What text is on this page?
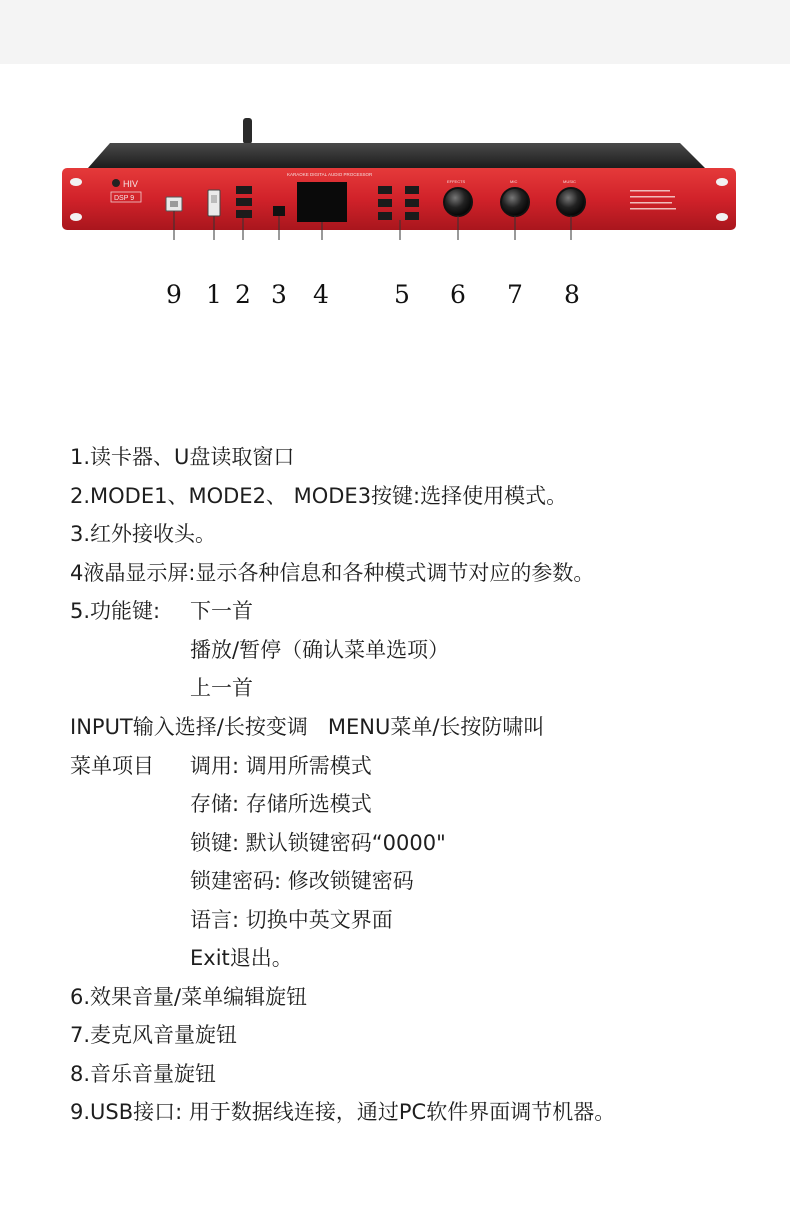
HIV
DSP 9
KARAOKE DIGITAL AUDIO PROCESSOR
EFFECTS	MIC	MUSIC
9 1 2 3 4	5 6 7 8
1.读卡器、U盘读取窗口
2.MODE1、MODE2、 MODE3按键:选择使用模式。
3.红外接收头。
4液晶显示屏:显示各种信息和各种模式调节对应的参数。
5.功能键: 下一首
播放/暂停（确认菜单选项）
上一首
INPUT输入选择/长按变调   MENU菜单/长按防啸叫
菜单项目 调用: 调用所需模式
存储: 存储所选模式
锁键: 默认锁键密码“0000"
锁建密码: 修改锁键密码
语言: 切换中英文界面
Exit退出。
6.效果音量/菜单编辑旋钮
7.麦克风音量旋钮
8.音乐音量旋钮
9.USB接口: 用于数据线连接，通过PC软件界面调节机器。
